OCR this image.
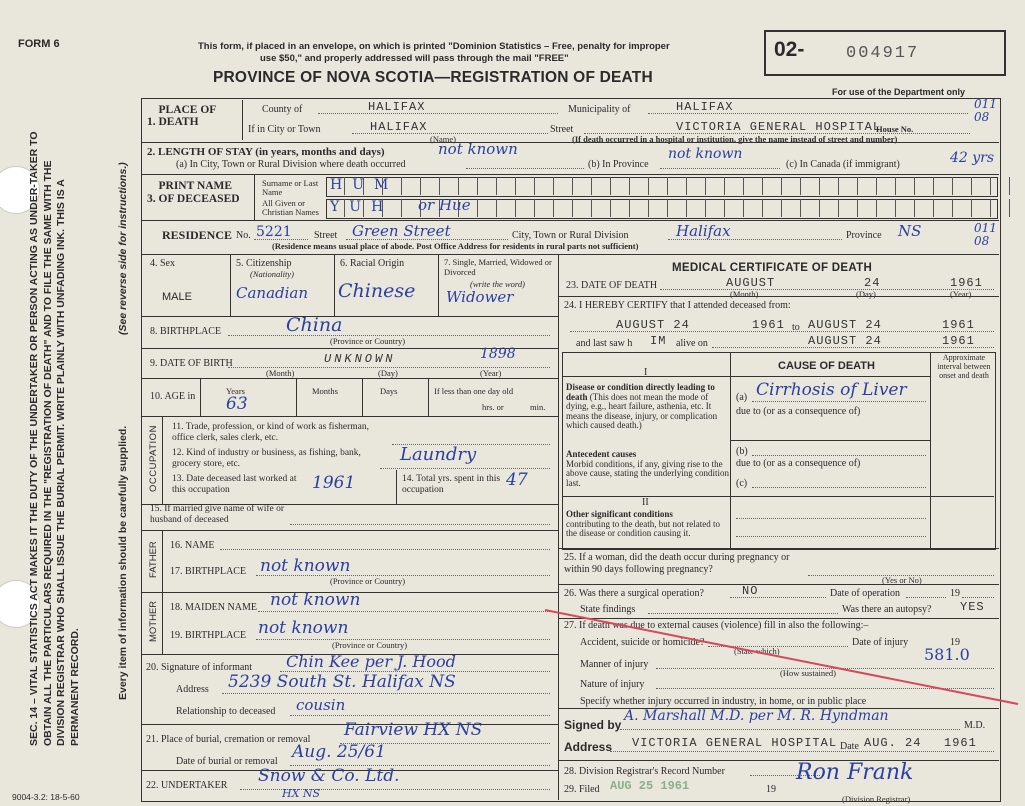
FORM 6	This form, if placed in an envelope, on which is printed "Dominion Statistics – Free, penalty for improper
use $50," and properly addressed will pass through the mail "FREE"
PROVINCE OF NOVA SCOTIA—REGISTRATION OF DEATH
02- 004917
For use of the Department only
SEC. 14 – VITAL STATISTICS ACT MAKES IT THE DUTY OF THE UNDERTAKER OR PERSON ACTING AS UNDER-TAKER TO OBTAIN ALL THE PARTICULARS REQUIRED IN THE "REGISTRATION OF DEATH" AND TO FILE THE SAME WITH THE DIVISION REGISTRAR WHO SHALL ISSUE THE BURIAL PERMIT. WRITE PLAINLY WITH UNFADING INK. THIS IS A PERMANENT RECORD.
(See reverse side for instructions.)
Every item of information should be carefully supplied.
9004-3.2: 18-5-60
1. PLACE OF DEATH
County of	HALIFAX	Municipality of	HALIFAX	011
08
If in City or Town	HALIFAX
(Name)
Street	VICTORIA GENERAL HOSPITAL
House No.
(If death occurred in a hospital or institution, give the name instead of street and number)
2. LENGTH OF STAY (in years, months and days)	not known
(a) In City, Town or Rural Division where death occurred	(b) In Province
not known
(c) In Canada (if immigrant)	42 yrs
3. PRINT NAME OF DECEASED
Surname or Last Name
All Given or Christian Names
HUM
YUH or Hue
RESIDENCE No. 5221 Street Green Street	City, Town or Rural Division	Halifax	Province NS	011
08
(Residence means usual place of abode. Post Office Address for residents in rural parts not sufficient)
4. Sex
MALE
5. Citizenship
(Nationality)
Canadian
6. Racial Origin
Chinese
7. Single, Married, Widowed or Divorced
(write the word)
Widower
8. BIRTHPLACE	China
(Province or Country)
9. DATE OF BIRTH	UNKNOWN	1898
(Month)	(Day)	(Year)
10. AGE in	Years
63
Months	Days	If less than one day old
hrs. or	min.
OCCUPATION 11. Trade, profession, or kind of work as fisherman, office clerk, sales clerk, etc.
12. Kind of industry or business, as fishing, bank, grocery store, etc.	Laundry
13. Date deceased last worked at this occupation	1961	14. Total yrs. spent in this occupation	47
15. If married give name of wife or husband of deceased
FATHER 16. NAME
17. BIRTHPLACE not known
(Province or Country)
MOTHER 18. MAIDEN NAME not known
19. BIRTHPLACE not known
(Province or Country)
20. Signature of informant Chin Kee per J. Hood
Address 5239 South St. Halifax NS
Relationship to deceased cousin
21. Place of burial, cremation or removal Fairview HX NS
Date of burial or removal Aug. 25/61
22. UNDERTAKER Snow & Co. Ltd.
HX NS
MEDICAL CERTIFICATE OF DEATH
23. DATE OF DEATH	AUGUST	24	1961
(Month)	(Day)	(Year)
24. I HEREBY CERTIFY that I attended deceased from:
AUGUST 24	1961 to AUGUST 24	1961
and last saw h IM alive on	AUGUST 24	1961
CAUSE OF DEATH
Approximate interval between onset and death
I
Disease or condition directly leading to death (This does not mean the mode of dying, e.g., heart failure, asthenia, etc. It means the disease, injury, or complication which caused death.)
(a) Cirrhosis of Liver
due to (or as a consequence of)
(b)
due to (or as a consequence of)
(c)
Antecedent causes
Morbid conditions, if any, giving rise to the above cause, stating the underlying condition last.
II
Other significant conditions
contributing to the death, but not related to the disease or condition causing it.
25. If a woman, did the death occur during pregnancy or within 90 days following pregnancy?
(Yes or No)
26. Was there a surgical operation?	NO	Date of operation	19
State findings	Was there an autopsy? YES
27. If death was due to external causes (violence) fill in also the following:–
Accident, suicide or homicide?	Date of injury	19
(State which)	581.0
Manner of injury
(How sustained)
Nature of injury
Specify whether injury occurred in industry, in home, or in public place
Signed by
A. Marshall M.D. per M. R. Hyndman
M.D.
Address VICTORIA GENERAL HOSPITAL Date AUG. 24 1961
28. Division Registrar's Record Number
29. Filed AUG 25 1961	19
Ron Frank
(Division Registrar)
